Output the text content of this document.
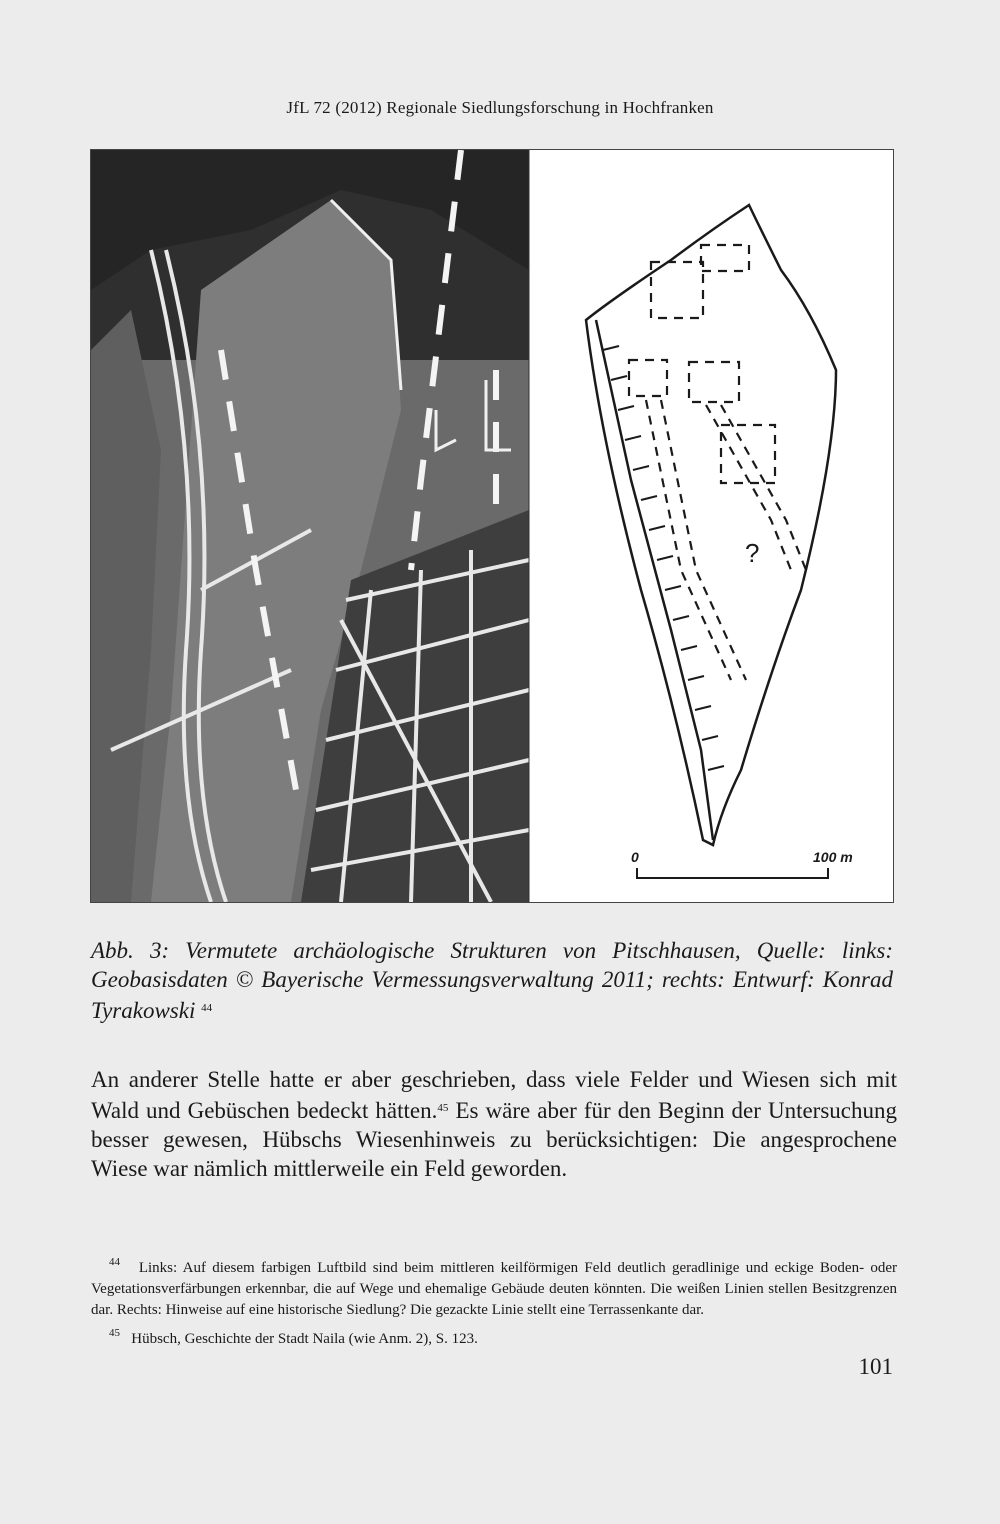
JfL 72 (2012) Regionale Siedlungsforschung in Hochfranken
?
0	100 m
Abb. 3: Vermutete archäologische Strukturen von Pitschhausen, Quelle: links: Geobasisdaten © Bayerische Vermessungsverwaltung 2011; rechts: Entwurf: Konrad Tyrakowski $^{44}$
An anderer Stelle hatte er aber geschrieben, dass viele Felder und Wiesen sich mit Wald und Gebüschen bedeckt hätten.$^{45}$ Es wäre aber für den Beginn der Untersuchung besser gewesen, Hübschs Wiesenhinweis zu berücksichtigen: Die angesprochene Wiese war nämlich mittlerweile ein Feld geworden.

$^{44}$ Links: Auf diesem farbigen Luftbild sind beim mittleren keilförmigen Feld deutlich geradlinige und eckige Boden- oder Vegetationsverfärbungen erkennbar, die auf Wege und ehemalige Gebäude deuten könnten. Die weißen Linien stellen Besitzgrenzen dar. Rechts: Hinweise auf eine historische Siedlung? Die gezackte Linie stellt eine Terrassenkante dar.

$^{45}$ Hübsch, Geschichte der Stadt Naila (wie Anm. 2), S. 123.

101
